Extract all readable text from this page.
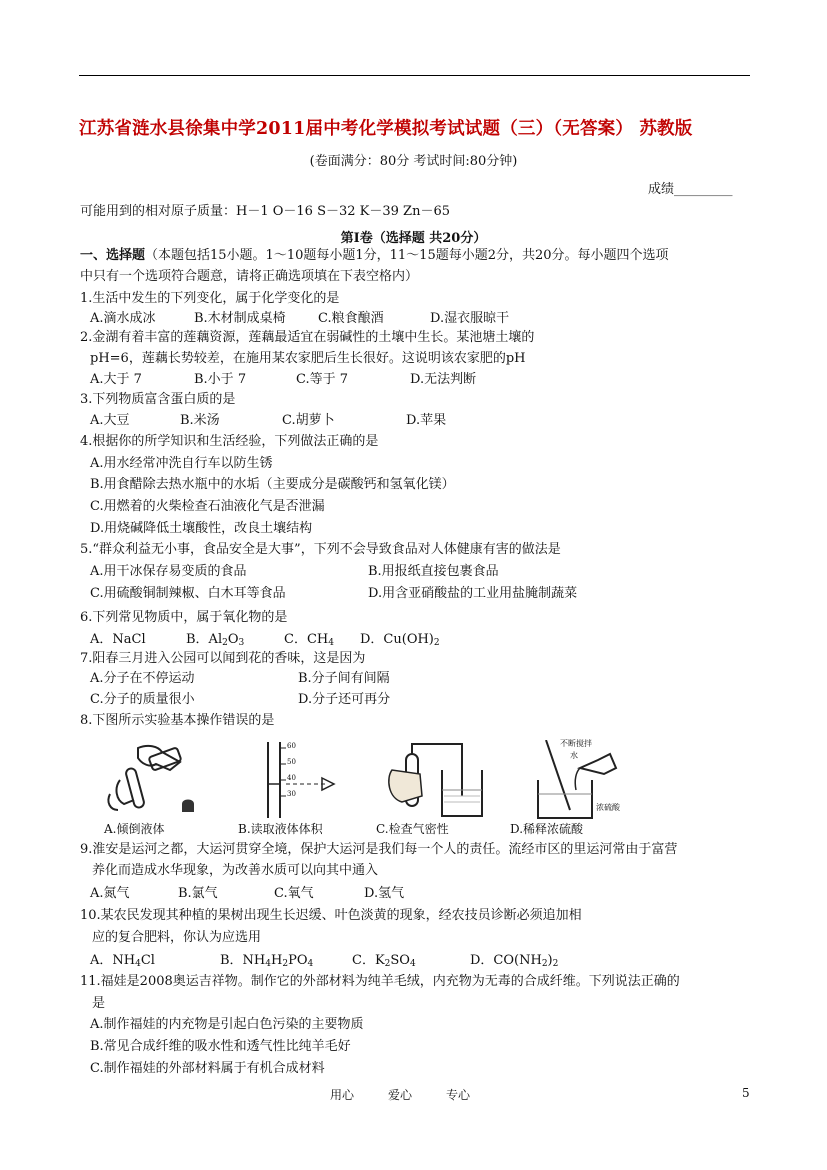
江苏省涟水县徐集中学2011届中考化学模拟考试试题（三）（无答案） 苏教版
(卷面满分：80分 考试时间:80分钟)
成绩_________
可能用到的相对原子质量：H－1 O－16 S－32 K－39 Zn－65
第Ⅰ卷（选择题 共20分）
一、选择题（本题包括15小题。1～10题每小题1分，11～15题每小题2分，共20分。每小题四个选项
中只有一个选项符合题意，请将正确选项填在下表空格内）
1.生活中发生的下列变化，属于化学变化的是
A.滴水成冰	B.木材制成桌椅 C.粮食酿酒	D.湿衣服晾干
2.金湖有着丰富的莲藕资源，莲藕最适宜在弱碱性的土壤中生长。某池塘土壤的
pH=6，莲藕长势较差，在施用某农家肥后生长很好。这说明该农家肥的pH
A.大于 7	B.小于 7	C.等于 7	D.无法判断
3.下列物质富含蛋白质的是
A.大豆	B.米汤	C.胡萝卜	D.苹果
4.根据你的所学知识和生活经验，下列做法正确的是
A.用水经常冲洗自行车以防生锈
B.用食醋除去热水瓶中的水垢（主要成分是碳酸钙和氢氧化镁）
C.用燃着的火柴检查石油液化气是否泄漏
D.用烧碱降低土壤酸性，改良土壤结构
5.“群众利益无小事，食品安全是大事”，下列不会导致食品对人体健康有害的做法是
A.用干冰保存易变质的食品	B.用报纸直接包裹食品
C.用硫酸铜制辣椒、白木耳等食品	D.用含亚硝酸盐的工业用盐腌制蔬菜
6.下列常见物质中，属于氧化物的是
A．NaCl	B．$Al_2O_3$	C．$CH_4$ D．$Cu(OH)_2$
7.阳春三月进入公园可以闻到花的香味，这是因为
A.分子在不停运动	B.分子间有间隔
C.分子的质量很小	D.分子还可再分
8.下图所示实验基本操作错误的是
60
50
40
30
不断搅拌
水
浓硫酸
A.倾倒液体	B.读取液体体积	C.检查气密性	D.稀释浓硫酸
9.淮安是运河之都，大运河贯穿全境，保护大运河是我们每一个人的责任。流经市区的里运河常由于富营
养化而造成水华现象，为改善水质可以向其中通入
A.氮气	B.氯气	C.氧气	D.氢气
10.某农民发现其种植的果树出现生长迟缓、叶色淡黄的现象，经农技员诊断必须追加相
应的复合肥料，你认为应选用
A．$NH_4Cl$	B．$NH_4H_2PO_4$	C．$K_2SO_4$	D．$CO(NH_2)_2$
11.福娃是2008奥运吉祥物。制作它的外部材料为纯羊毛绒，内充物为无毒的合成纤维。下列说法正确的
是
A.制作福娃的内充物是引起白色污染的主要物质
B.常见合成纤维的吸水性和透气性比纯羊毛好
C.制作福娃的外部材料属于有机合成材料
用心	爱心	专心	5
